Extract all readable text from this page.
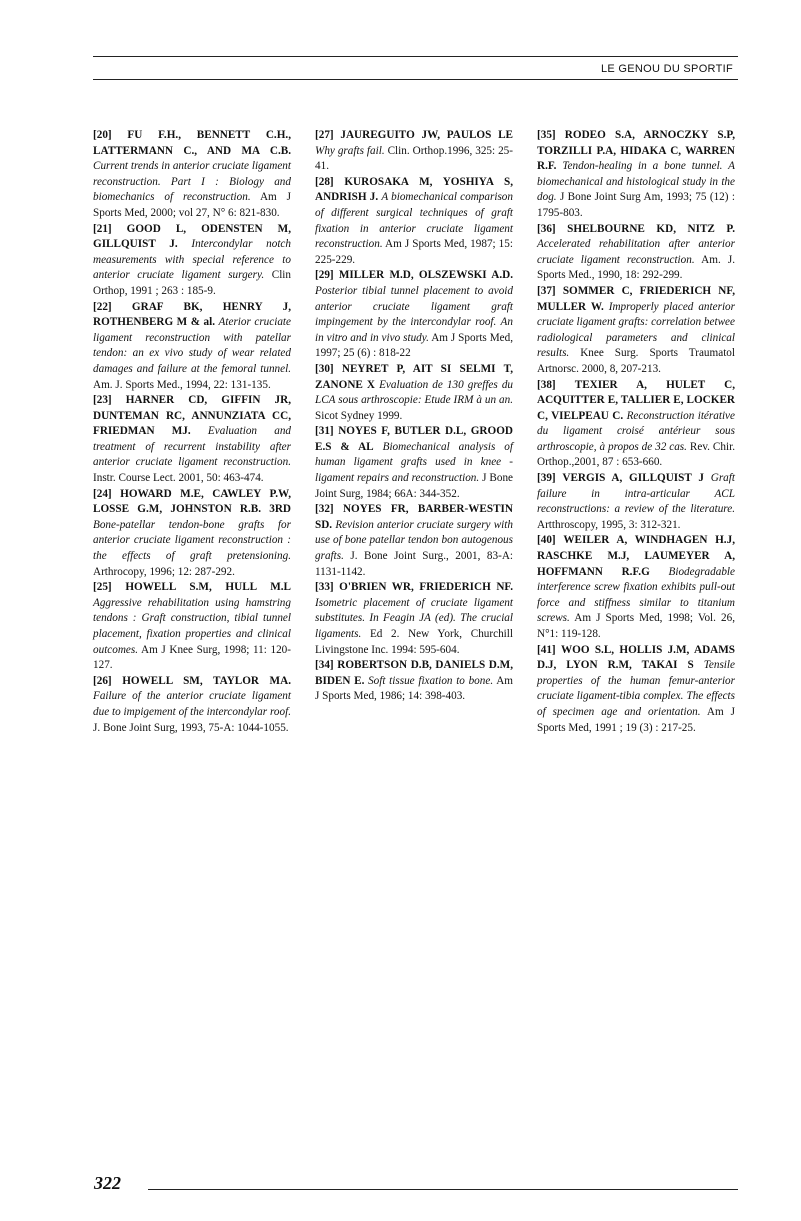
LE GENOU DU SPORTIF

[20] FU F.H., BENNETT C.H., LATTERMANN C., AND MA C.B. Current trends in anterior cruciate ligament reconstruction. Part I : Biology and biomechanics of reconstruction. Am J Sports Med, 2000; vol 27, N° 6: 821-830.

[21] GOOD L, ODENSTEN M, GILLQUIST J. Intercondylar notch measurements with special reference to anterior cruciate ligament surgery. Clin Orthop, 1991 ; 263 : 185-9.

[22] GRAF BK, HENRY J, ROTHENBERG M & al. Aterior cruciate ligament reconstruction with patellar tendon: an ex vivo study of wear related damages and failure at the femoral tunnel. Am. J. Sports Med., 1994, 22: 131-135.

[23] HARNER CD, GIFFIN JR, DUNTEMAN RC, ANNUNZIATA CC, FRIEDMAN MJ. Evaluation and treatment of recurrent instability after anterior cruciate ligament reconstruction. Instr. Course Lect. 2001, 50: 463-474.

[24] HOWARD M.E, CAWLEY P.W, LOSSE G.M, JOHNSTON R.B. 3RD Bone-patellar tendon-bone grafts for anterior cruciate ligament reconstruction : the effects of graft pretensioning. Arthrocopy, 1996; 12: 287-292.

[25] HOWELL S.M, HULL M.L Aggressive rehabilitation using hamstring tendons : Graft construction, tibial tunnel placement, fixation properties and clinical outcomes. Am J Knee Surg, 1998; 11: 120-127.

[26] HOWELL SM, TAYLOR MA. Failure of the anterior cruciate ligament due to impigement of the intercondylar roof. J. Bone Joint Surg, 1993, 75-A: 1044-1055.

[27] JAUREGUITO JW, PAULOS LE Why grafts fail. Clin. Orthop.1996, 325: 25-41.

[28] KUROSAKA M, YOSHIYA S, ANDRISH J. A biomechanical comparison of different surgical techniques of graft fixation in anterior cruciate ligament reconstruction. Am J Sports Med, 1987; 15: 225-229.

[29] MILLER M.D, OLSZEWSKI A.D. Posterior tibial tunnel placement to avoid anterior cruciate ligament graft impingement by the intercondylar roof. An in vitro and in vivo study. Am J Sports Med, 1997; 25 (6) : 818-22

[30] NEYRET P, AIT SI SELMI T, ZANONE X Evaluation de 130 greffes du LCA sous arthroscopie: Etude IRM à un an. Sicot Sydney 1999.

[31] NOYES F, BUTLER D.L, GROOD E.S & AL Biomechanical analysis of human ligament grafts used in knee - ligament repairs and reconstruction. J Bone Joint Surg, 1984; 66A: 344-352.

[32] NOYES FR, BARBER-WESTIN SD. Revision anterior cruciate surgery with use of bone patellar tendon bon autogenous grafts. J. Bone Joint Surg., 2001, 83-A: 1131-1142.

[33] O'BRIEN WR, FRIEDERICH NF. Isometric placement of cruciate ligament substitutes. In Feagin JA (ed). The crucial ligaments. Ed 2. New York, Churchill Livingstone Inc. 1994: 595-604.

[34] ROBERTSON D.B, DANIELS D.M, BIDEN E. Soft tissue fixation to bone. Am J Sports Med, 1986; 14: 398-403.

[35] RODEO S.A, ARNOCZKY S.P, TORZILLI P.A, HIDAKA C, WARREN R.F. Tendon-healing in a bone tunnel. A biomechanical and histological study in the dog. J Bone Joint Surg Am, 1993; 75 (12) : 1795-803.

[36] SHELBOURNE KD, NITZ P. Accelerated rehabilitation after anterior cruciate ligament reconstruction. Am. J. Sports Med., 1990, 18: 292-299.

[37] SOMMER C, FRIEDERICH NF, MULLER W. Improperly placed anterior cruciate ligament grafts: correlation betwee radiological parameters and clinical results. Knee Surg. Sports Traumatol Artnorsc. 2000, 8, 207-213.

[38] TEXIER A, HULET C, ACQUITTER E, TALLIER E, LOCKER C, VIELPEAU C. Reconstruction itérative du ligament croisé antérieur sous arthroscopie, à propos de 32 cas. Rev. Chir. Orthop.,2001, 87 : 653-660.

[39] VERGIS A, GILLQUIST J Graft failure in intra-articular ACL reconstructions: a review of the literature. Artthroscopy, 1995, 3: 312-321.

[40] WEILER A, WINDHAGEN H.J, RASCHKE M.J, LAUMEYER A, HOFFMANN R.F.G Biodegradable interference screw fixation exhibits pull-out force and stiffness similar to titanium screws. Am J Sports Med, 1998; Vol. 26, N°1: 119-128.

[41] WOO S.L, HOLLIS J.M, ADAMS D.J, LYON R.M, TAKAI S Tensile properties of the human femur-anterior cruciate ligament-tibia complex. The effects of specimen age and orientation. Am J Sports Med, 1991 ; 19 (3) : 217-25.

322
